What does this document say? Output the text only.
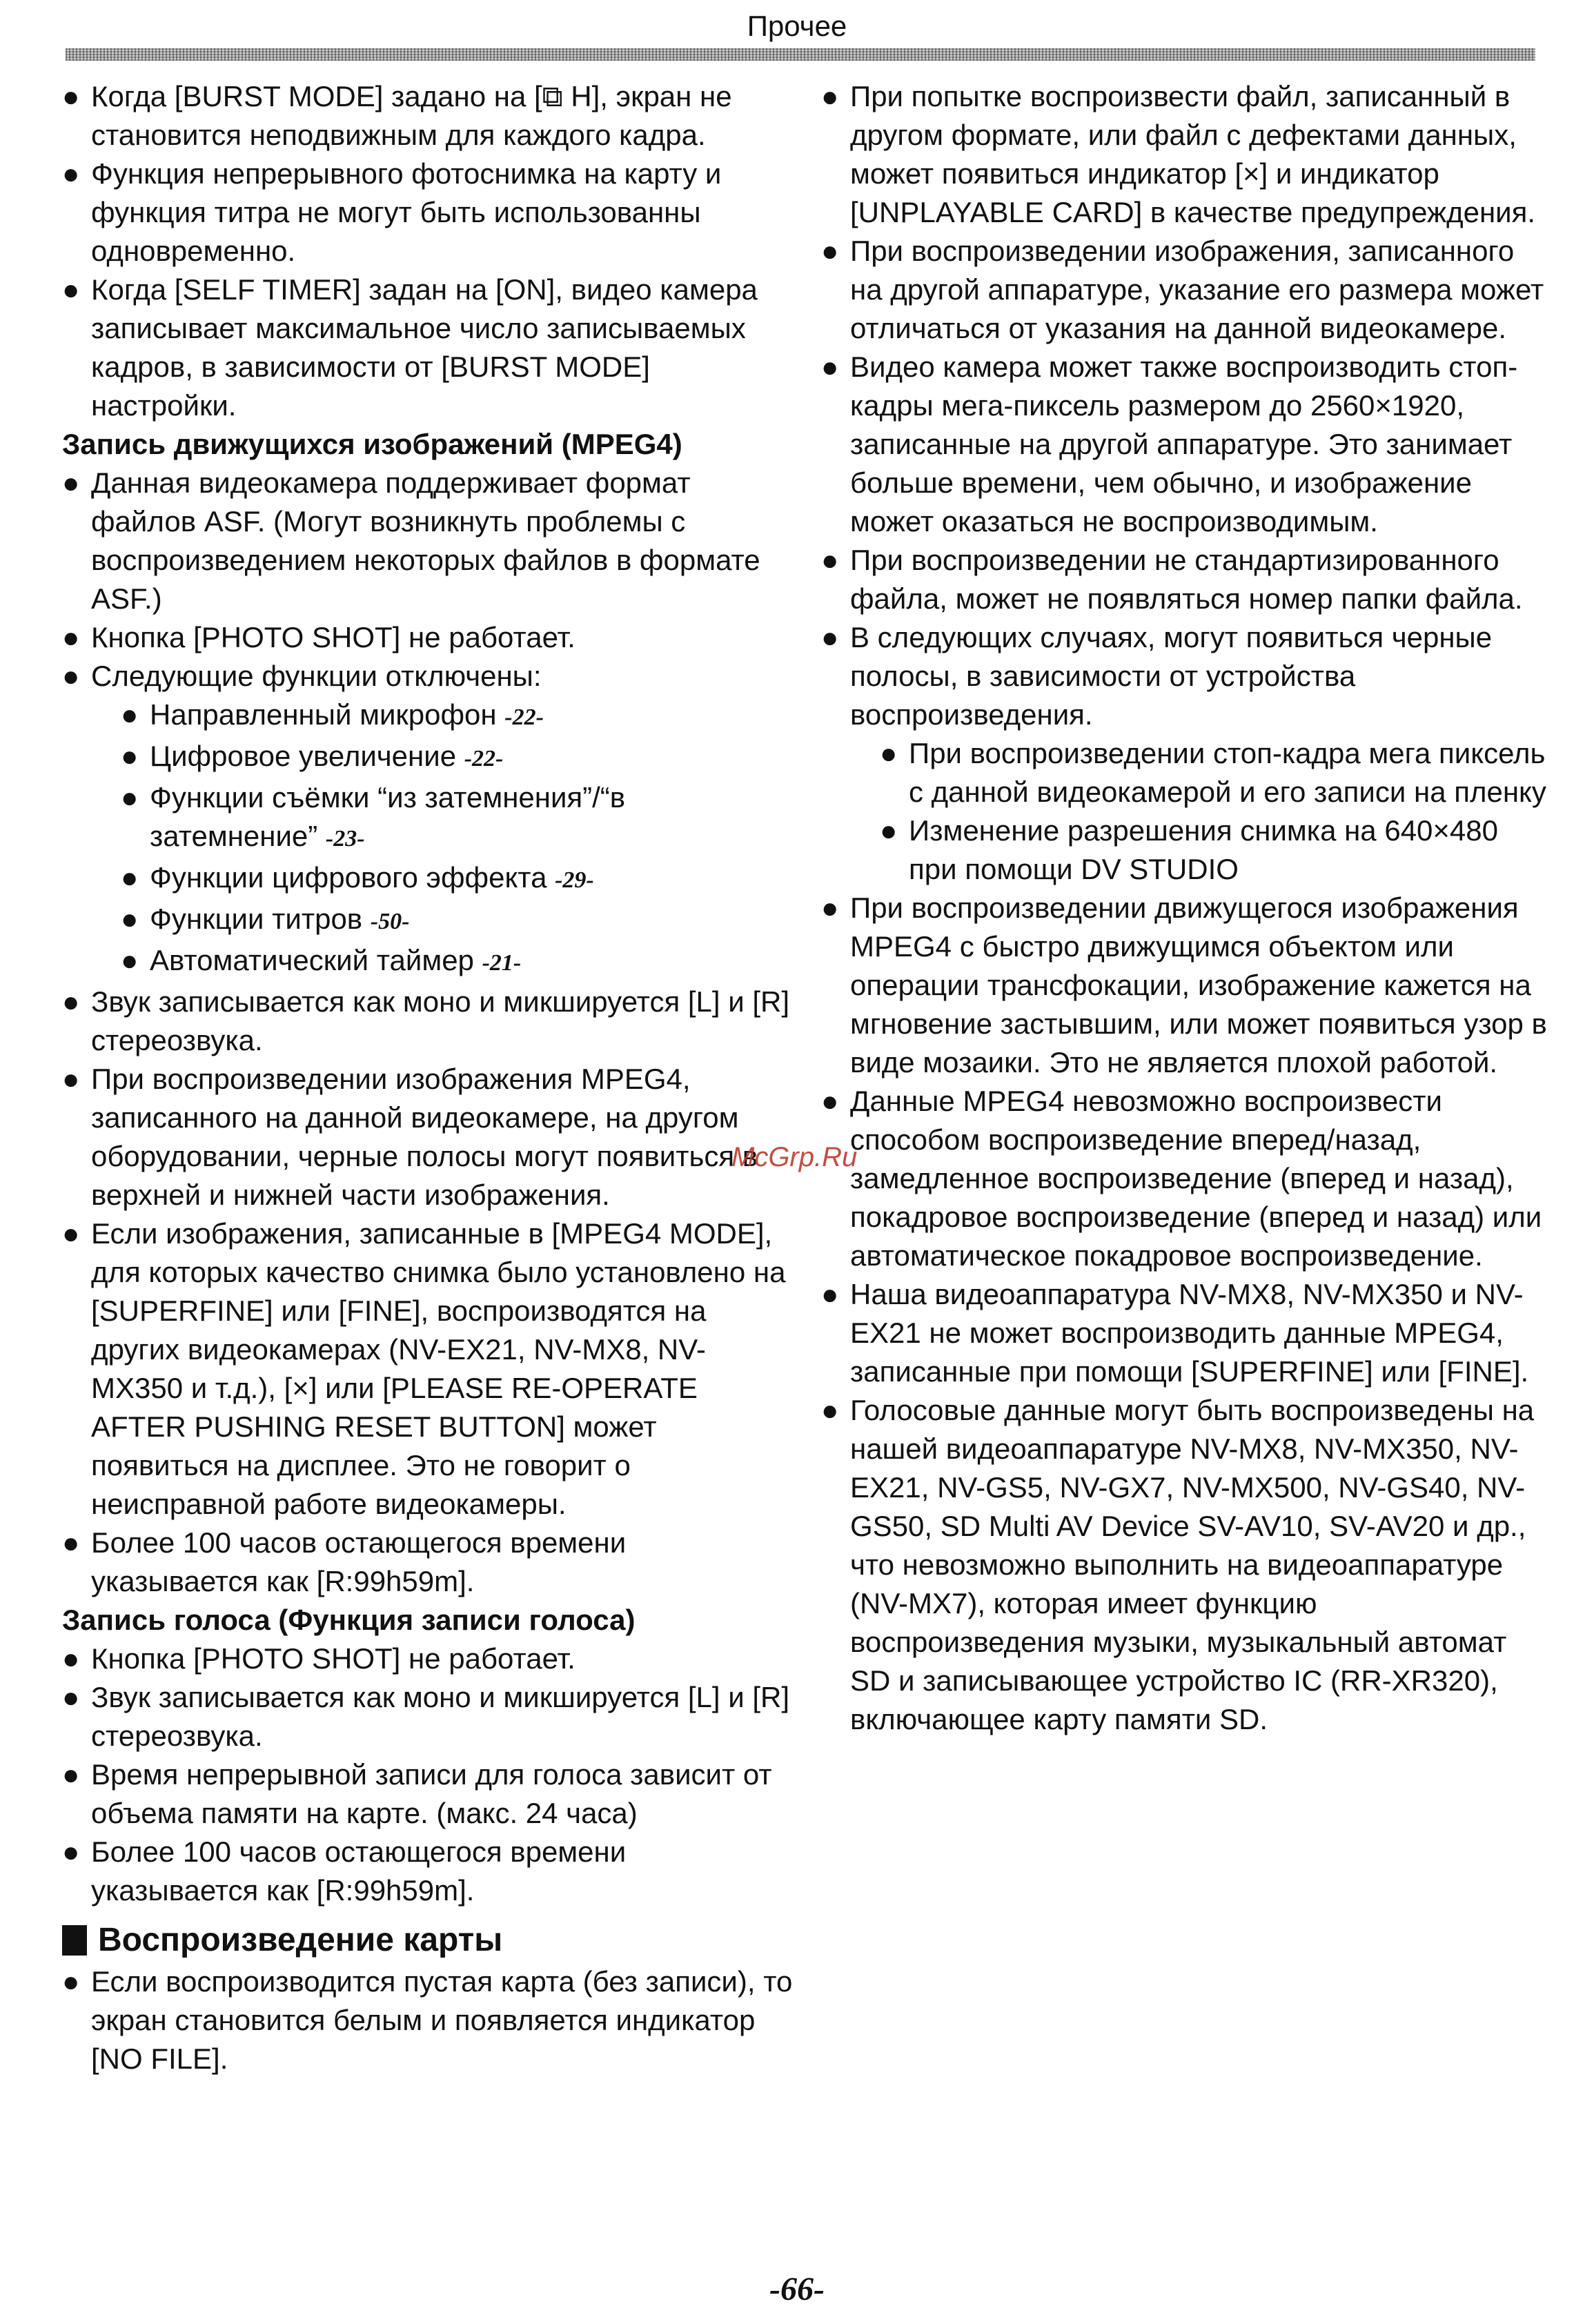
Прочее
● Когда [BURST MODE] задано на [⧉ H], экран не становится неподвижным для каждого кадра.
● Функция непрерывного фотоснимка на карту и функция титра не могут быть использованны одновременно.
● Когда [SELF TIMER] задан на [ON], видео камера записывает максимальное число записываемых кадров, в зависимости от [BURST MODE] настройки.
Запись движущихся изображений (MPEG4)
● Данная видеокамера поддерживает формат файлов ASF. (Могут возникнуть проблемы с воспроизведением некоторых файлов в формате ASF.)
● Кнопка [PHOTO SHOT] не работает.
● Следующие функции отключены:
● Направленный микрофон -22-
● Цифровое увеличение -22-
● Функции съёмки “из затемнения”/“в затемнение” -23-
● Функции цифрового эффекта -29-
● Функции титров -50-
● Автоматический таймер -21-
● Звук записывается как моно и микшируется [L] и [R] стереозвука.
● При воспроизведении изображения MPEG4, записанного на данной видеокамере, на другом оборудовании, черные полосы могут появиться в верхней и нижней части изображения.
● Если изображения, записанные в [MPEG4 MODE], для которых качество снимка было установлено на [SUPERFINE] или [FINE], воспроизводятся на других видеокамерах (NV-EX21, NV-MX8, NV-MX350 и т.д.), [×] или [PLEASE RE-OPERATE AFTER PUSHING RESET BUTTON] может появиться на дисплее. Это не говорит о неисправной работе видеокамеры.
● Более 100 часов остающегося времени указывается как [R:99h59m].
Запись голоса (Функция записи голоса)
● Кнопка [PHOTO SHOT] не работает.
● Звук записывается как моно и микшируется [L] и [R] стереозвука.
● Время непрерывной записи для голоса зависит от объема памяти на карте. (макс. 24 часа)
● Более 100 часов остающегося времени указывается как [R:99h59m].
Воспроизведение карты
● Если воспроизводится пустая карта (без записи), то экран становится белым и появляется индикатор [NO FILE].
● При попытке воспроизвести файл, записанный в другом формате, или файл с дефектами данных, может появиться индикатор [×] и индикатор [UNPLAYABLE CARD] в качестве предупреждения.
● При воспроизведении изображения, записанного на другой аппаратуре, указание его размера может отличаться от указания на данной видеокамере.
● Видео камера может также воспроизводить стоп-кадры мега-пиксель размером до 2560×1920, записанные на другой аппаратуре. Это занимает больше времени, чем обычно, и изображение может оказаться не воспроизводимым.
● При воспроизведении не стандартизированного файла, может не появляться номер папки файла.
● В следующих случаях, могут появиться черные полосы, в зависимости от устройства воспроизведения.
● При воспроизведении стоп-кадра мега пиксель с данной видеокамерой и его записи на пленку
● Изменение разрешения снимка на 640×480 при помощи DV STUDIO
● При воспроизведении движущегося изображения MPEG4 с быстро движущимся объектом или операции трансфокации, изображение кажется на мгновение застывшим, или может появиться узор в виде мозаики. Это не является плохой работой.
● Данные MPEG4 невозможно воспроизвести способом воспроизведение вперед/назад, замедленное воспроизведение (вперед и назад), покадровое воспроизведение (вперед и назад) или автоматическое покадровое воспроизведение.
● Наша видеоаппаратура NV-MX8, NV-MX350 и NV-EX21 не может воспроизводить данные MPEG4, записанные при помощи [SUPERFINE] или [FINE].
● Голосовые данные могут быть воспроизведены на нашей видеоаппаратуре NV-MX8, NV-MX350, NV-EX21, NV-GS5, NV-GX7, NV-MX500, NV-GS40, NV-GS50, SD Multi AV Device SV-AV10, SV-AV20 и др., что невозможно выполнить на видеоаппаратуре (NV-MX7), которая имеет функцию воспроизведения музыки, музыкальный автомат SD и записывающее устройство IC (RR-XR320), включающее карту памяти SD.
McGrp.Ru
-66-
